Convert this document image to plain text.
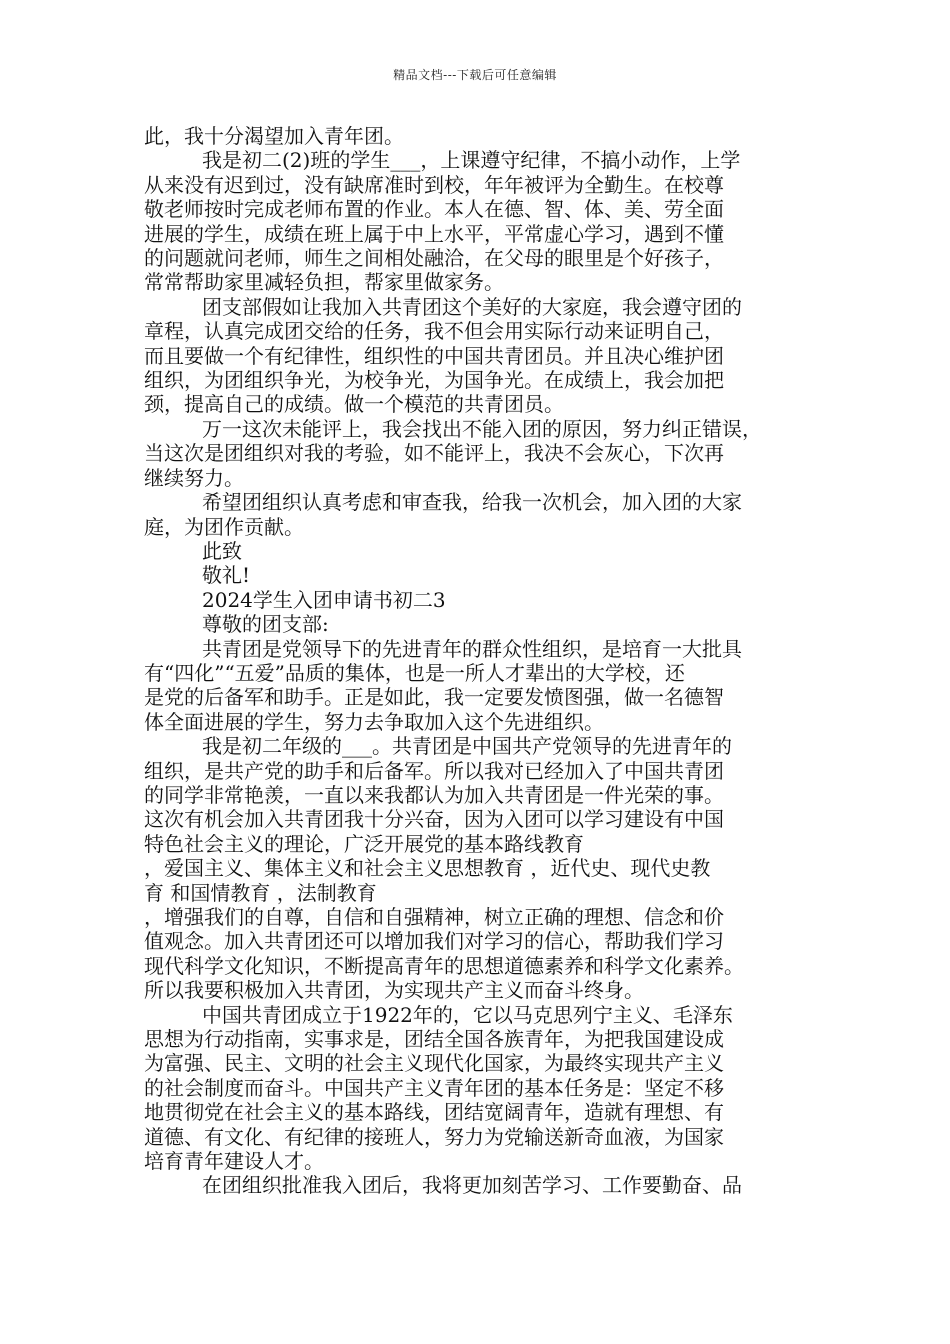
精品文档---下载后可任意编辑

此，我十分渴望加入青年团。

我是初二(2)班的学生___，上课遵守纪律，不搞小动作，上学

从来没有迟到过，没有缺席准时到校，年年被评为全勤生。在校尊

敬老师按时完成老师布置的作业。本人在德、智、体、美、劳全面

进展的学生，成绩在班上属于中上水平，平常虚心学习，遇到不懂

的问题就问老师，师生之间相处融洽，在父母的眼里是个好孩子，

常常帮助家里减轻负担，帮家里做家务。

团支部假如让我加入共青团这个美好的大家庭，我会遵守团的

章程，认真完成团交给的任务，我不但会用实际行动来证明自己，

而且要做一个有纪律性，组织性的中国共青团员。并且决心维护团

组织，为团组织争光，为校争光，为国争光。在成绩上，我会加把

颈，提高自己的成绩。做一个模范的共青团员。

万一这次未能评上，我会找出不能入团的原因，努力纠正错误，

当这次是团组织对我的考验，如不能评上，我决不会灰心，下次再

继续努力。

希望团组织认真考虑和审查我，给我一次机会，加入团的大家

庭，为团作贡献。

此致

敬礼!

2024学生入团申请书初二3

尊敬的团支部:

共青团是党领导下的先进青年的群众性组织，是培育一大批具

有“四化”“五爱”品质的集体，也是一所人才辈出的大学校，还

是党的后备军和助手。正是如此，我一定要发愤图强，做一名德智

体全面进展的学生，努力去争取加入这个先进组织。

我是初二年级的___。共青团是中国共产党领导的先进青年的

组织，是共产党的助手和后备军。所以我对已经加入了中国共青团

的同学非常艳羡，一直以来我都认为加入共青团是一件光荣的事。

这次有机会加入共青团我十分兴奋，因为入团可以学习建设有中国

特色社会主义的理论，广泛开展党的基本路线教育

，爱国主义、集体主义和社会主义思想教育 ，近代史、现代史教

育 和国情教育 ，法制教育

，增强我们的自尊，自信和自强精神，树立正确的理想、信念和价

值观念。加入共青团还可以增加我们对学习的信心，帮助我们学习

现代科学文化知识，不断提高青年的思想道德素养和科学文化素养。

所以我要积极加入共青团，为实现共产主义而奋斗终身。

中国共青团成立于1922年的，它以马克思列宁主义、毛泽东

思想为行动指南，实事求是，团结全国各族青年，为把我国建设成

为富强、民主、文明的社会主义现代化国家，为最终实现共产主义

的社会制度而奋斗。中国共产主义青年团的基本任务是：坚定不移

地贯彻党在社会主义的基本路线，团结宽阔青年，造就有理想、有

道德、有文化、有纪律的接班人，努力为党输送新奇血液，为国家

培育青年建设人才。

在团组织批准我入团后，我将更加刻苦学习、工作要勤奋、品
